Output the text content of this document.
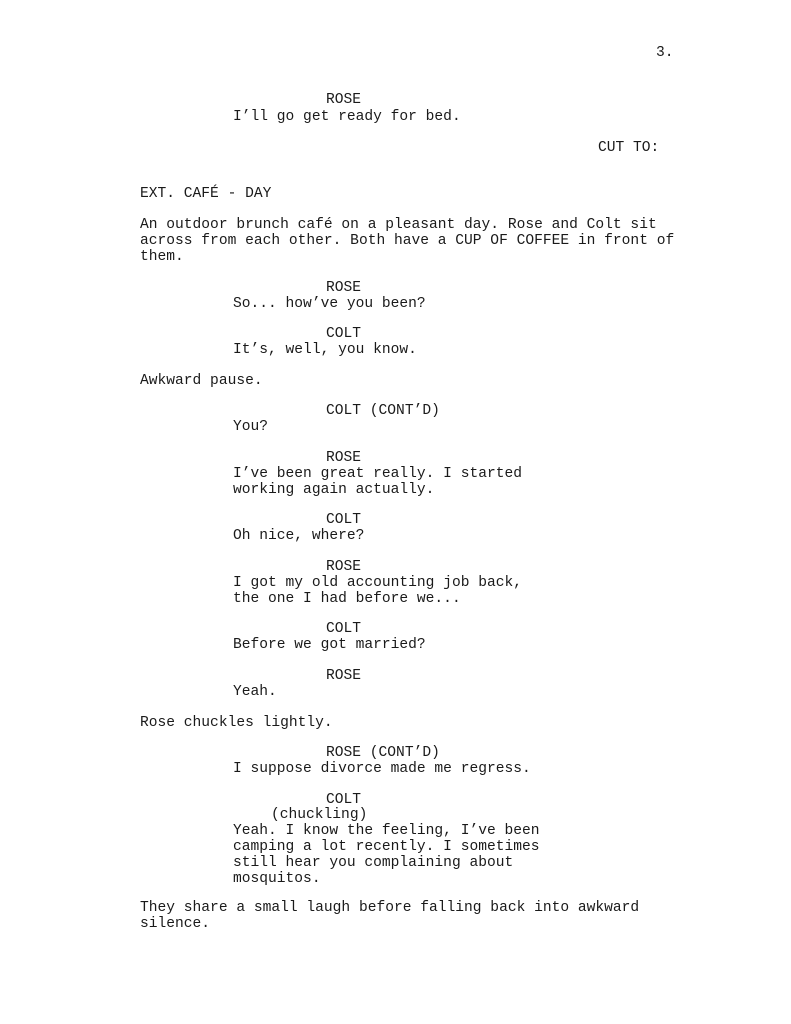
3.
ROSE
I’ll go get ready for bed.
CUT TO:
EXT. CAFÉ - DAY
An outdoor brunch café on a pleasant day. Rose and Colt sit
across from each other. Both have a CUP OF COFFEE in front of
them.
ROSE
So... how’ve you been?
COLT
It’s, well, you know.
Awkward pause.
COLT (CONT’D)
You?
ROSE
I’ve been great really. I started
working again actually.
COLT
Oh nice, where?
ROSE
I got my old accounting job back,
the one I had before we...
COLT
Before we got married?
ROSE
Yeah.
Rose chuckles lightly.
ROSE (CONT’D)
I suppose divorce made me regress.
COLT
(chuckling)
Yeah. I know the feeling, I’ve been
camping a lot recently. I sometimes
still hear you complaining about
mosquitos.
They share a small laugh before falling back into awkward
silence.
